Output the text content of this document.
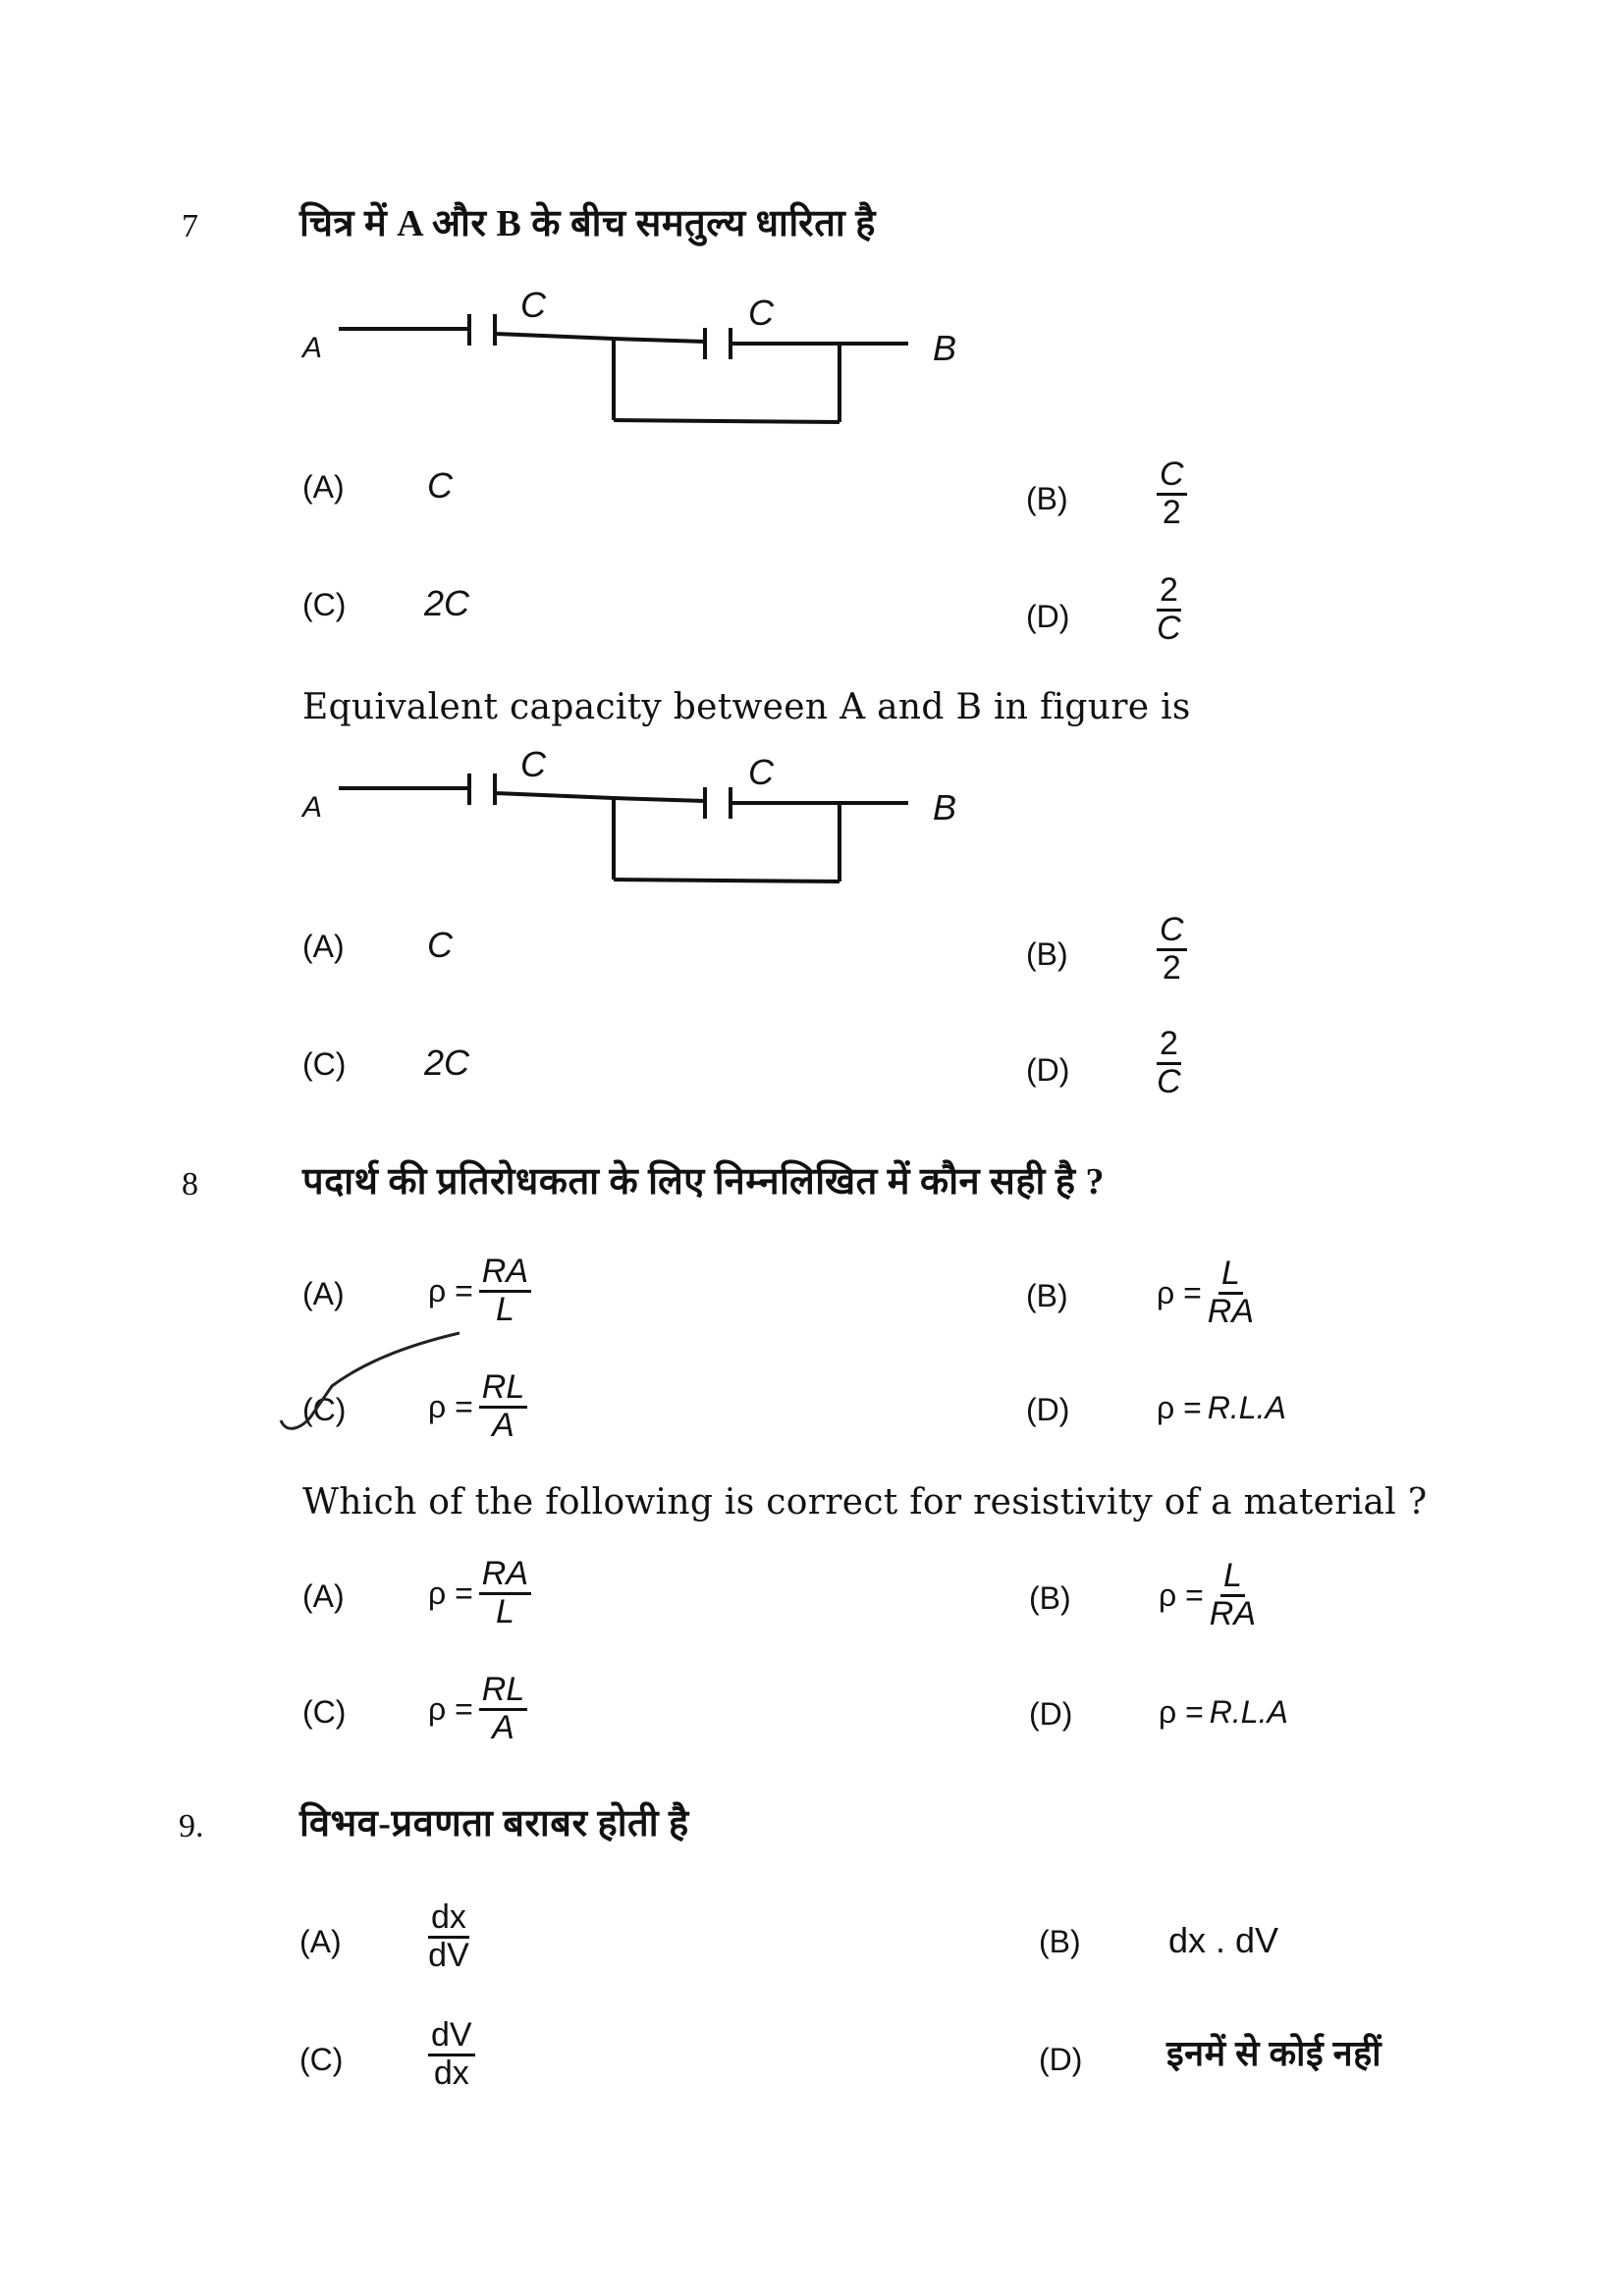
7	चित्र में A और B के बीच समतुल्य धारिता है
A
C	C
B
(A) C	(B)	$\frac{C}{2}$
(C) 2C	(D)	$\frac{2}{C}$
Equivalent capacity between A and B in figure is
A
C	C
B
(A) C	(B)	$\frac{C}{2}$
(C) 2C	(D)	$\frac{2}{C}$
8	पदार्थ की प्रतिरोधकता के लिए निम्नलिखित में कौन सही है ?
(A)	$\rho = \frac{RA}{L}$	(B)	$\rho = \frac{L}{RA}$
(C)	$\rho = \frac{RL}{A}$	(D)	ρ = R.L.A
Which of the following is correct for resistivity of a material ?
(A)	$\rho = \frac{RA}{L}$	(B)	$\rho = \frac{L}{RA}$
(C)	$\rho = \frac{RL}{A}$	(D)	ρ = R.L.A
9.	विभव-प्रवणता बराबर होती है
(A)	$\frac{dx}{dV}$	(B) dx . dV
(C)	$\frac{dV}{dx}$	(D) इनमें से कोई नहीं
